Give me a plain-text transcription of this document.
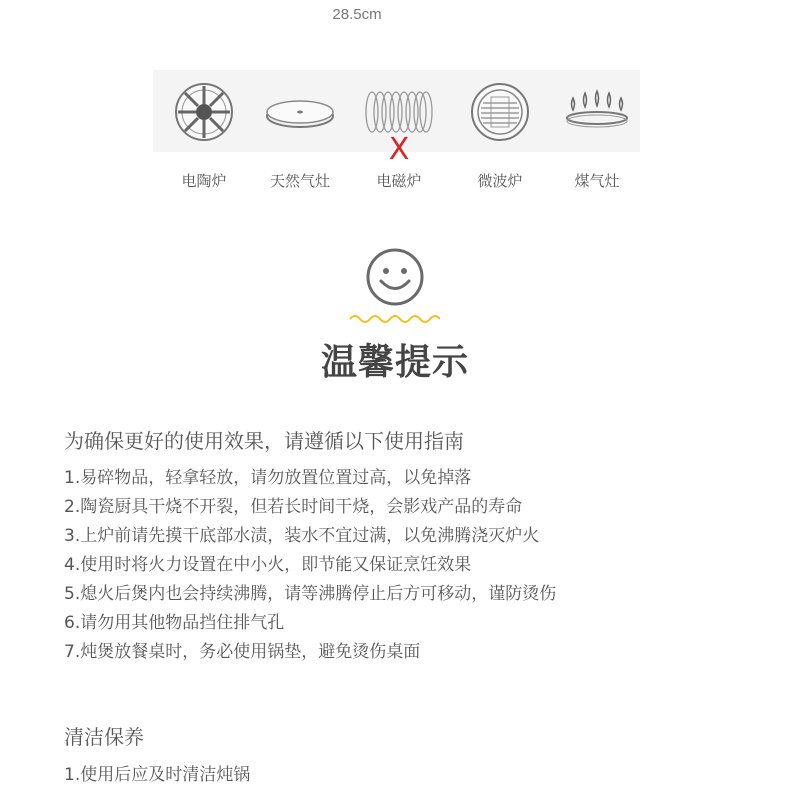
28.5cm
电陶炉	天然气灶
X
电磁炉	微波炉	煤气灶
温馨提示
为确保更好的使用效果，请遵循以下使用指南
1.易碎物品，轻拿轻放，请勿放置位置过高，以免掉落
2.陶瓷厨具干烧不开裂，但若长时间干烧，会影戏产品的寿命
3.上炉前请先摸干底部水渍，装水不宜过满，以免沸腾浇灭炉火
4.使用时将火力设置在中小火，即节能又保证烹饪效果
5.熄火后煲内也会持续沸腾，请等沸腾停止后方可移动，谨防烫伤
6.请勿用其他物品挡住排气孔
7.炖煲放餐桌时，务必使用锅垫，避免烫伤桌面
清洁保养
1.使用后应及时清洁炖锅
